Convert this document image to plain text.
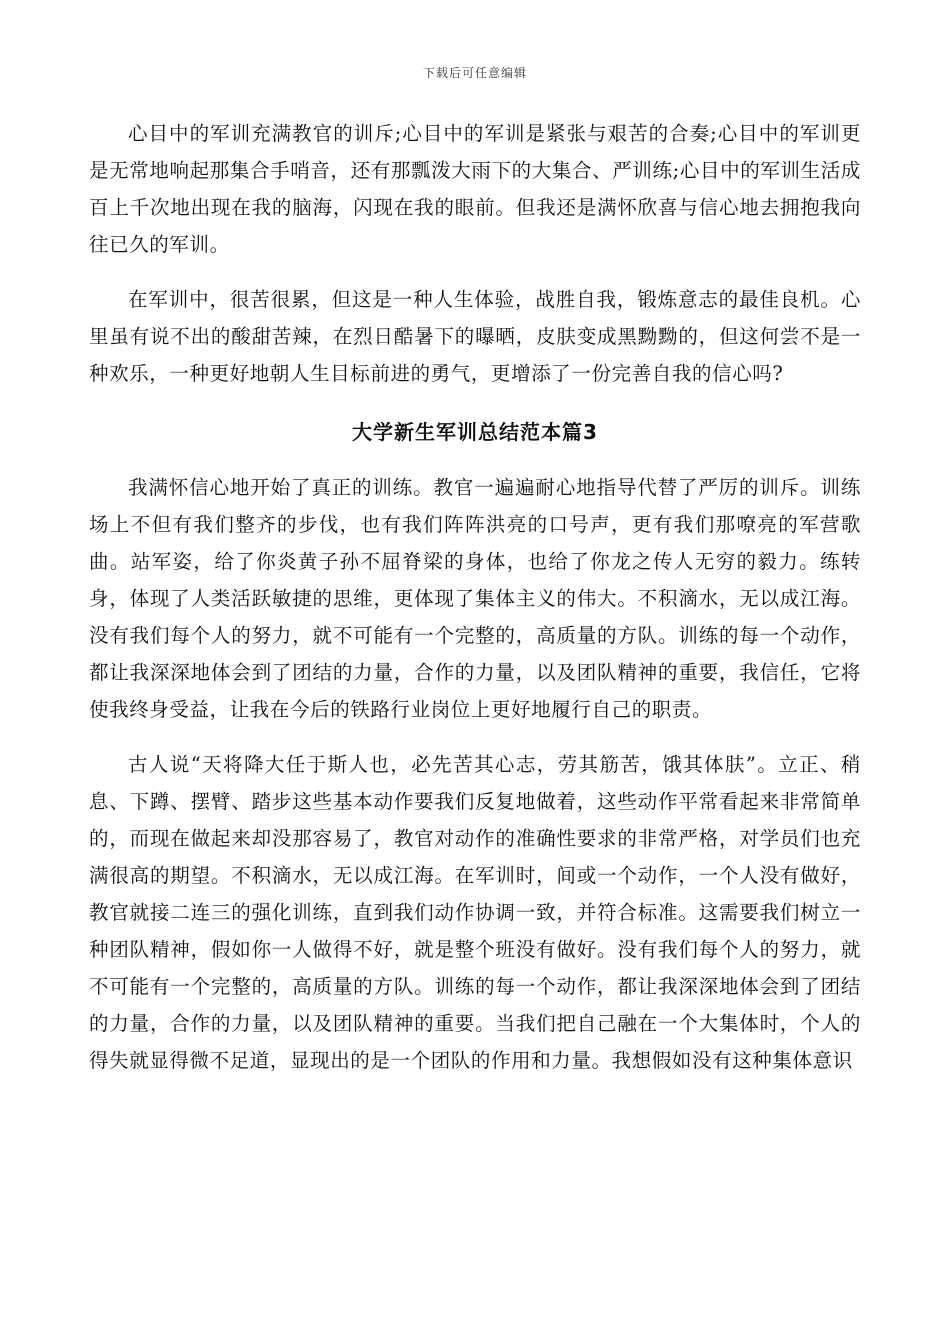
下载后可任意编辑

心目中的军训充满教官的训斥;心目中的军训是紧张与艰苦的合奏;心目中的军训更是无常地响起那集合手哨音，还有那瓢泼大雨下的大集合、严训练;心目中的军训生活成百上千次地出现在我的脑海，闪现在我的眼前。但我还是满怀欣喜与信心地去拥抱我向往已久的军训。

在军训中，很苦很累，但这是一种人生体验，战胜自我，锻炼意志的最佳良机。心里虽有说不出的酸甜苦辣，在烈日酷暑下的曝晒，皮肤变成黑黝黝的，但这何尝不是一种欢乐，一种更好地朝人生目标前进的勇气，更增添了一份完善自我的信心吗?

大学新生军训总结范本篇3

我满怀信心地开始了真正的训练。教官一遍遍耐心地指导代替了严厉的训斥。训练场上不但有我们整齐的步伐，也有我们阵阵洪亮的口号声，更有我们那嘹亮的军营歌曲。站军姿，给了你炎黄子孙不屈脊梁的身体，也给了你龙之传人无穷的毅力。练转身，体现了人类活跃敏捷的思维，更体现了集体主义的伟大。不积滴水，无以成江海。没有我们每个人的努力，就不可能有一个完整的，高质量的方队。训练的每一个动作，都让我深深地体会到了团结的力量，合作的力量，以及团队精神的重要，我信任，它将使我终身受益，让我在今后的铁路行业岗位上更好地履行自己的职责。

古人说“天将降大任于斯人也，必先苦其心志，劳其筋苦，饿其体肤”。立正、稍息、下蹲、摆臂、踏步这些基本动作要我们反复地做着，这些动作平常看起来非常简单的，而现在做起来却没那容易了，教官对动作的准确性要求的非常严格，对学员们也充满很高的期望。不积滴水，无以成江海。在军训时，间或一个动作，一个人没有做好，教官就接二连三的强化训练，直到我们动作协调一致，并符合标准。这需要我们树立一种团队精神，假如你一人做得不好，就是整个班没有做好。没有我们每个人的努力，就不可能有一个完整的，高质量的方队。训练的每一个动作，都让我深深地体会到了团结的力量，合作的力量，以及团队精神的重要。当我们把自己融在一个大集体时，个人的得失就显得微不足道，显现出的是一个团队的作用和力量。我想假如没有这种集体意识
